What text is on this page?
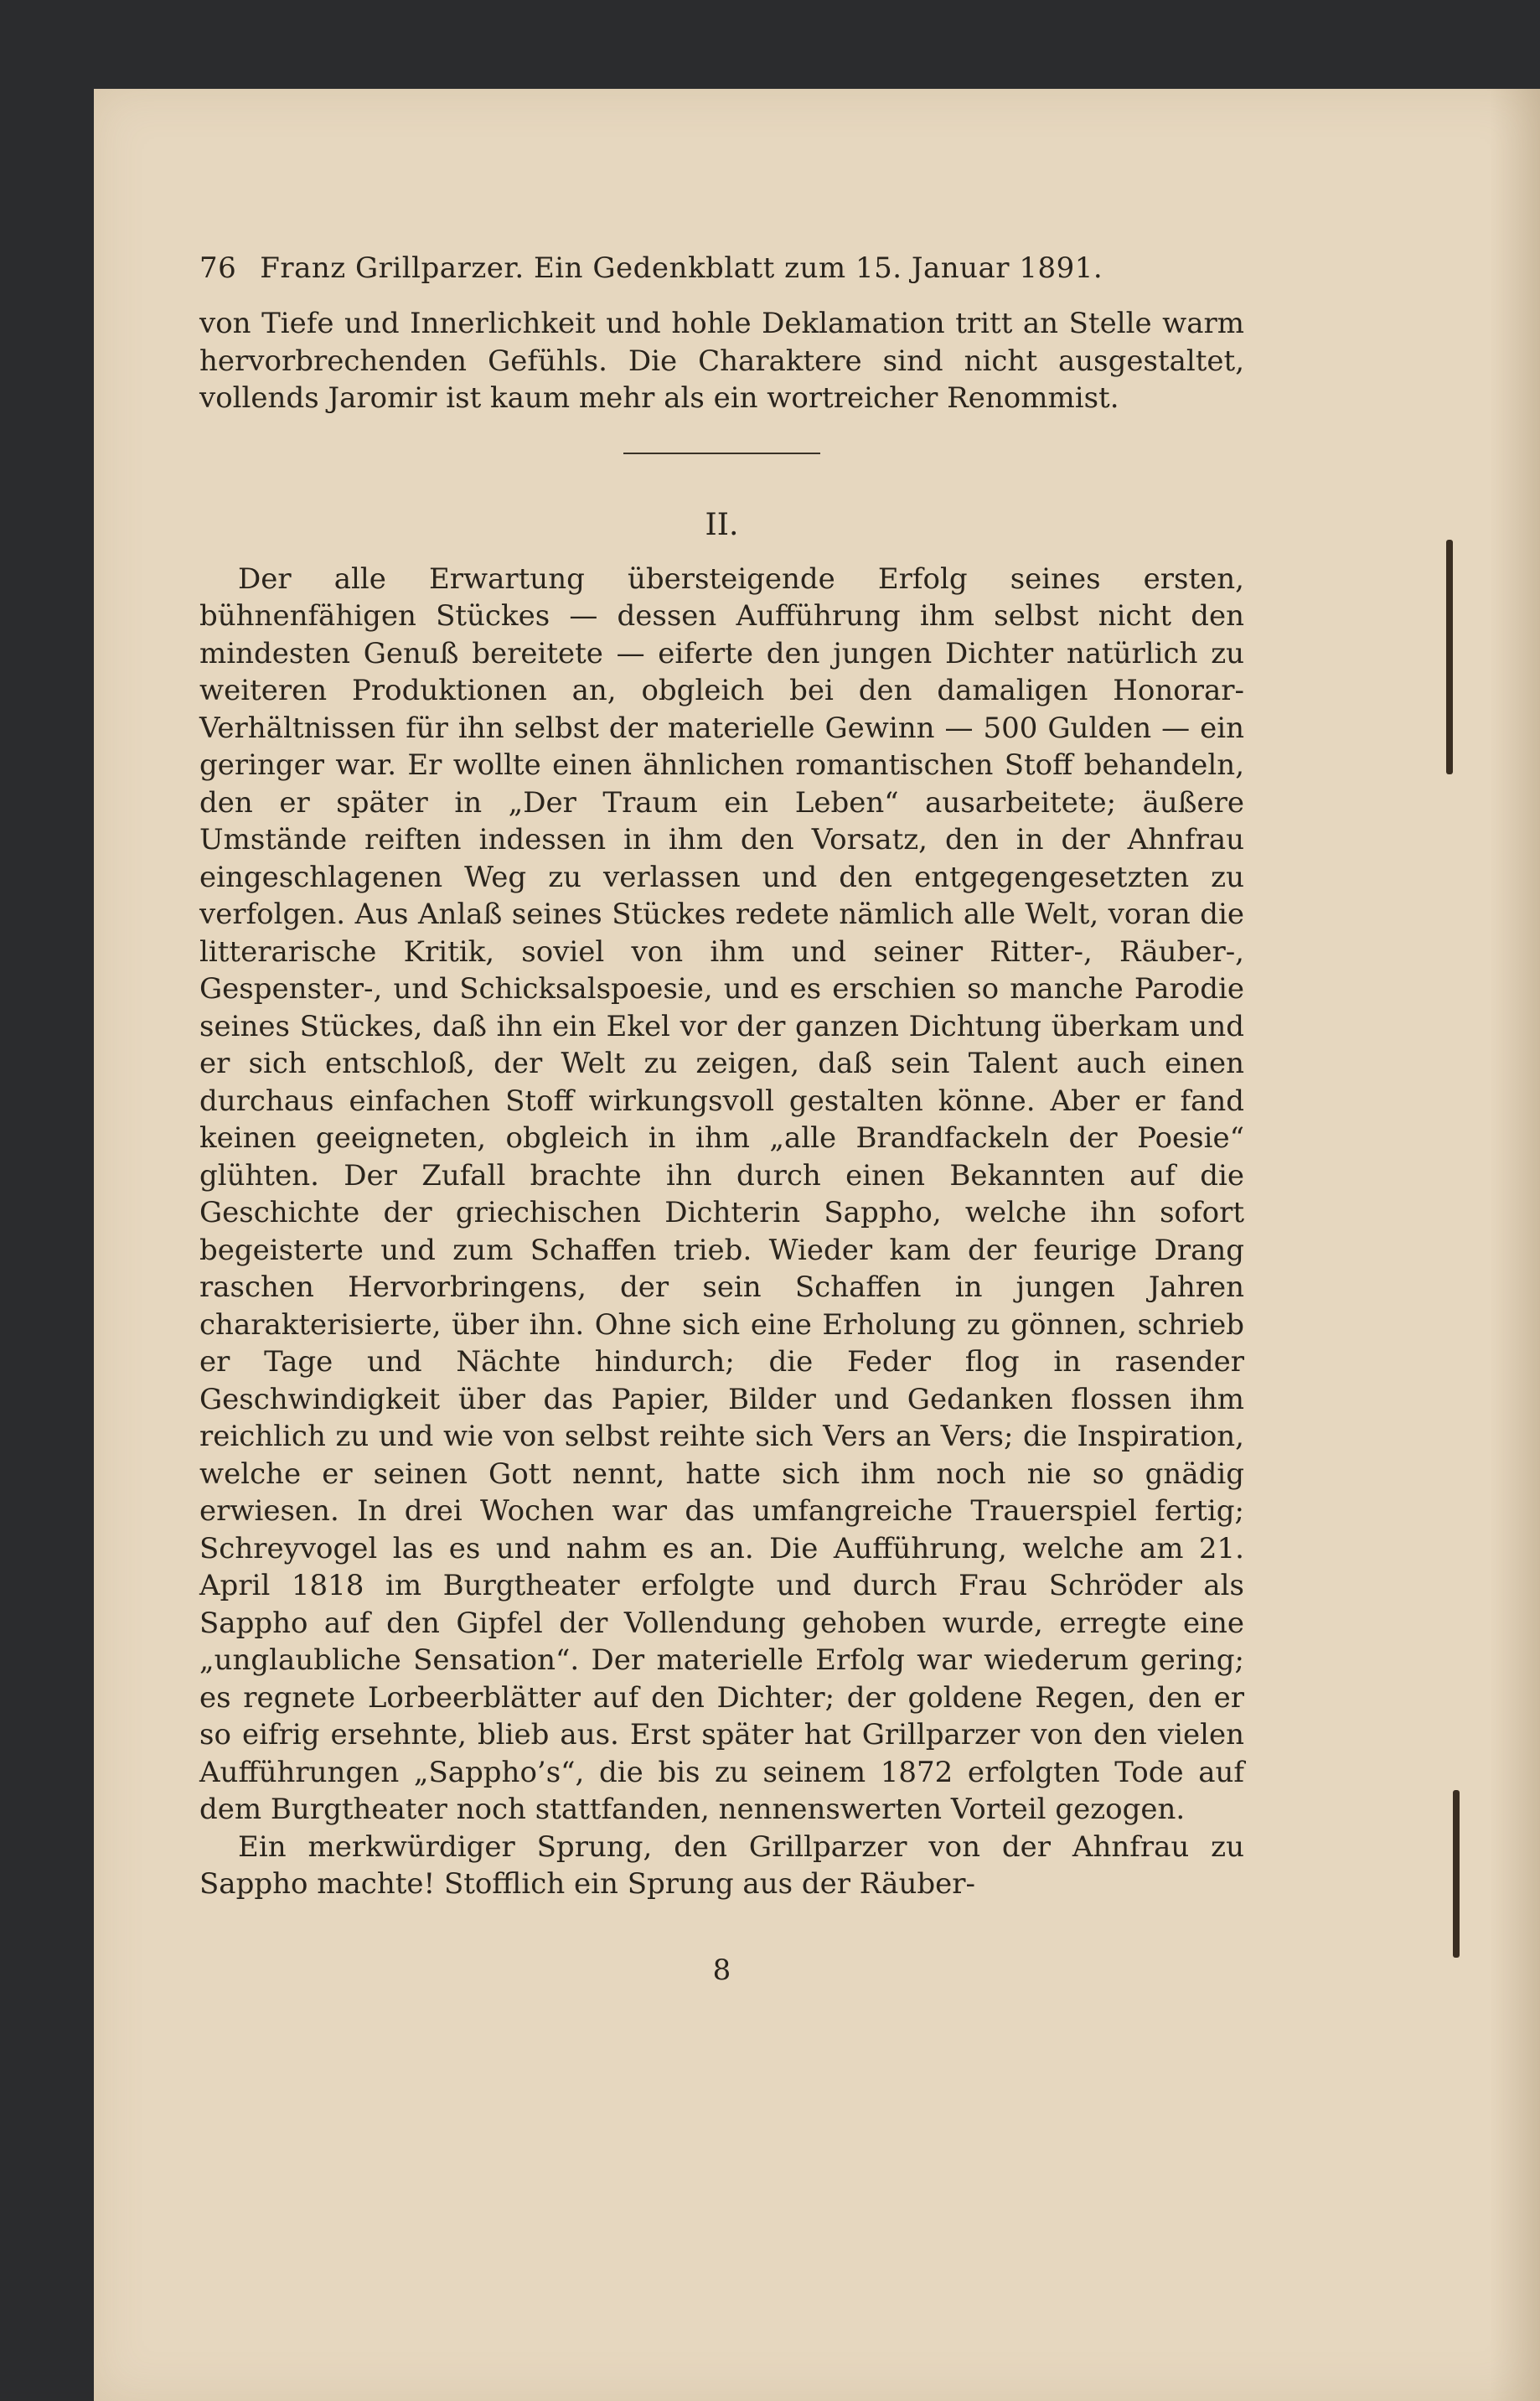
76 Franz Grillparzer. Ein Gedenkblatt zum 15. Januar 1891.

von Tiefe und Innerlichkeit und hohle Deklamation tritt an Stelle warm hervorbrechenden Gefühls. Die Charaktere sind nicht ausgestaltet, vollends Jaromir ist kaum mehr als ein wortreicher Renommist.

II.

Der alle Erwartung übersteigende Erfolg seines ersten, bühnenfähigen Stückes — dessen Aufführung ihm selbst nicht den mindesten Genuß bereitete — eiferte den jungen Dichter natürlich zu weiteren Produktionen an, obgleich bei den damaligen Honorar-Verhältnissen für ihn selbst der materielle Gewinn — 500 Gulden — ein geringer war. Er wollte einen ähnlichen romantischen Stoff behandeln, den er später in „Der Traum ein Leben“ ausarbeitete; äußere Umstände reiften indessen in ihm den Vorsatz, den in der Ahnfrau eingeschlagenen Weg zu verlassen und den entgegengesetzten zu verfolgen. Aus Anlaß seines Stückes redete nämlich alle Welt, voran die litterarische Kritik, soviel von ihm und seiner Ritter-, Räuber-, Gespenster-, und Schicksalspoesie, und es erschien so manche Parodie seines Stückes, daß ihn ein Ekel vor der ganzen Dichtung überkam und er sich entschloß, der Welt zu zeigen, daß sein Talent auch einen durchaus einfachen Stoff wirkungsvoll gestalten könne. Aber er fand keinen geeigneten, obgleich in ihm „alle Brandfackeln der Poesie“ glühten. Der Zufall brachte ihn durch einen Bekannten auf die Geschichte der griechischen Dichterin Sappho, welche ihn sofort begeisterte und zum Schaffen trieb. Wieder kam der feurige Drang raschen Hervorbringens, der sein Schaffen in jungen Jahren charakterisierte, über ihn. Ohne sich eine Erholung zu gönnen, schrieb er Tage und Nächte hindurch; die Feder flog in rasender Geschwindigkeit über das Papier, Bilder und Gedanken flossen ihm reichlich zu und wie von selbst reihte sich Vers an Vers; die Inspiration, welche er seinen Gott nennt, hatte sich ihm noch nie so gnädig erwiesen. In drei Wochen war das umfangreiche Trauerspiel fertig; Schreyvogel las es und nahm es an. Die Aufführung, welche am 21. April 1818 im Burgtheater erfolgte und durch Frau Schröder als Sappho auf den Gipfel der Vollendung gehoben wurde, erregte eine „unglaubliche Sensation“. Der materielle Erfolg war wiederum gering; es regnete Lorbeerblätter auf den Dichter; der goldene Regen, den er so eifrig ersehnte, blieb aus. Erst später hat Grillparzer von den vielen Aufführungen „Sappho’s“, die bis zu seinem 1872 erfolgten Tode auf dem Burgtheater noch stattfanden, nennenswerten Vorteil gezogen.

Ein merkwürdiger Sprung, den Grillparzer von der Ahnfrau zu Sappho machte! Stofflich ein Sprung aus der Räuber-

8
